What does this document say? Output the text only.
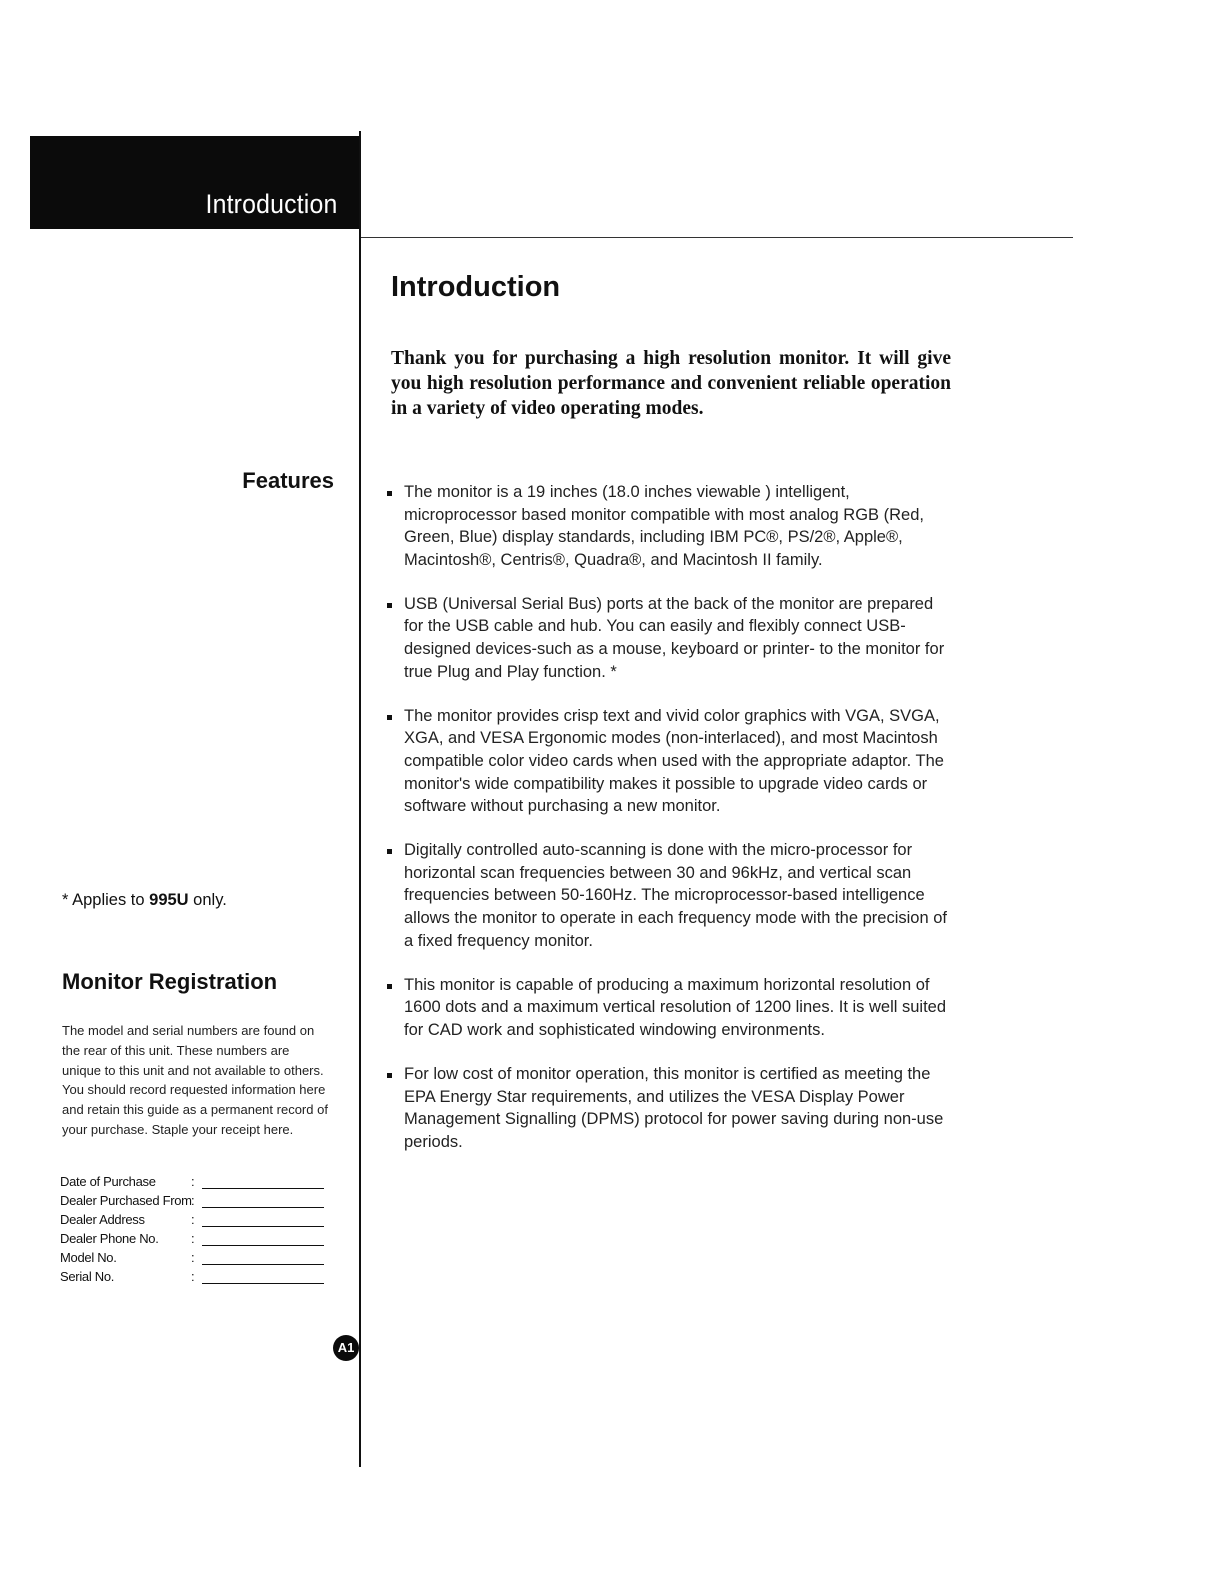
Introduction
Introduction

Thank you for purchasing a high resolution monitor. It will give you high resolution performance and convenient reliable operation in a variety of video operating modes.

Features	The monitor is a 19 inches (18.0 inches viewable ) intelligent, microprocessor based monitor compatible with most analog RGB (Red, Green, Blue) display standards, including IBM PC®, PS/2®, Apple®, Macintosh®, Centris®, Quadra®, and Macintosh II family.
USB (Universal Serial Bus) ports at the back of the monitor are prepared for the USB cable and hub. You can easily and flexibly connect USB-designed devices-such as a mouse, keyboard or printer- to the monitor for true Plug and Play function. *
The monitor provides crisp text and vivid color graphics with VGA, SVGA, XGA, and VESA Ergonomic modes (non-interlaced), and most Macintosh compatible color video cards when used with the appropriate adaptor. The monitor's wide compatibility makes it possible to upgrade video cards or software without purchasing a new monitor.
Digitally controlled auto-scanning is done with the micro-processor for horizontal scan frequencies between 30 and 96kHz, and vertical scan frequencies between 50-160Hz. The microprocessor-based intelligence allows the monitor to operate in each frequency mode with the precision of a fixed frequency monitor.
This monitor is capable of producing a maximum horizontal resolution of 1600 dots and a maximum vertical resolution of 1200 lines. It is well suited for CAD work and sophisticated windowing environments.
For low cost of monitor operation, this monitor is certified as meeting the EPA Energy Star requirements, and utilizes the VESA Display Power Management Signalling (DPMS) protocol for power saving during non-use periods.

* Applies to 995U only.

Monitor Registration

The model and serial numbers are found on the rear of this unit. These numbers are unique to this unit and not available to others. You should record requested information here and retain this guide as a permanent record of your purchase. Staple your receipt here.

Date of Purchase	:
Dealer Purchased From :
Dealer Address	:
Dealer Phone No. :
Model No.	:
Serial No.	:
A1
